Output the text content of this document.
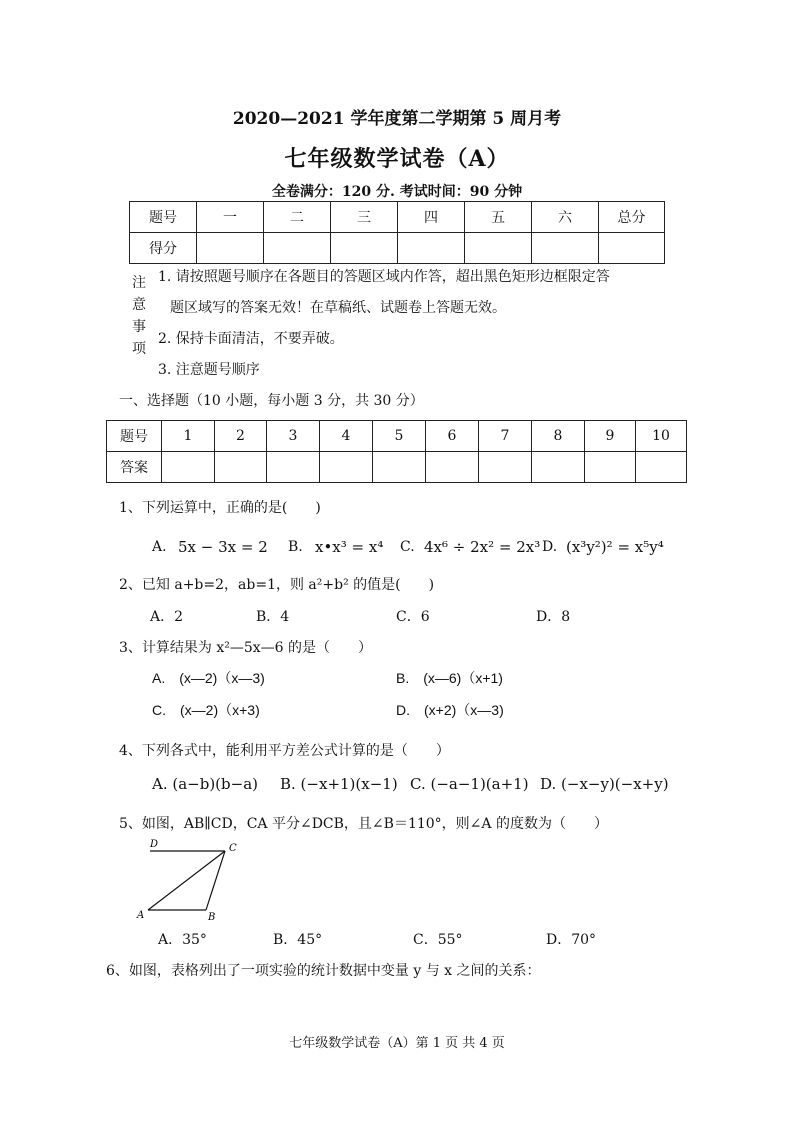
2020—2021 学年度第二学期第 5 周月考
七年级数学试卷（A）
全卷满分：120 分. 考试时间：90 分钟
题号	一	二	三	四	五	六	总分
得分							
注
意
事
项
1. 请按照题号顺序在各题目的答题区域内作答，超出黑色矩形边框限定答
题区域写的答案无效！在草稿纸、试题卷上答题无效。
2. 保持卡面清洁，不要弄破。
3. 注意题号顺序
一、选择题（10 小题，每小题 3 分，共 30 分）
题号	1	2	3	4	5	6	7	8	9	10
答案										
1、下列运算中，正确的是(　　)
A. 5x − 3x = 2 B. x•x³ = x⁴ C. 4x⁶ ÷ 2x² = 2x³ D. (x³y²)² = x⁵y⁴
2、已知 a+b=2，ab=1，则 a²+b² 的值是(　　)
A．2	B．4	C．6	D．8
3、计算结果为 x²—5x—6 的是（　　）
A.　(x—2)（x—3)	B.　(x—6)（x+1)
C.　(x—2)（x+3)	D.　(x+2)（x—3)
4、下列各式中，能利用平方差公式计算的是（　　）
A. (a−b)(b−a) B. (−x+1)(x−1) C. (−a−1)(a+1) D. (−x−y)(−x+y)
5、如图，AB∥CD，CA 平分∠DCB，且∠B＝110°，则∠A 的度数为（　　）
D	C
A	B
A．35°	B．45°	C．55°	D．70°
6、如图，表格列出了一项实验的统计数据中变量 y 与 x 之间的关系：
七年级数学试卷（A）第 1 页 共 4 页
